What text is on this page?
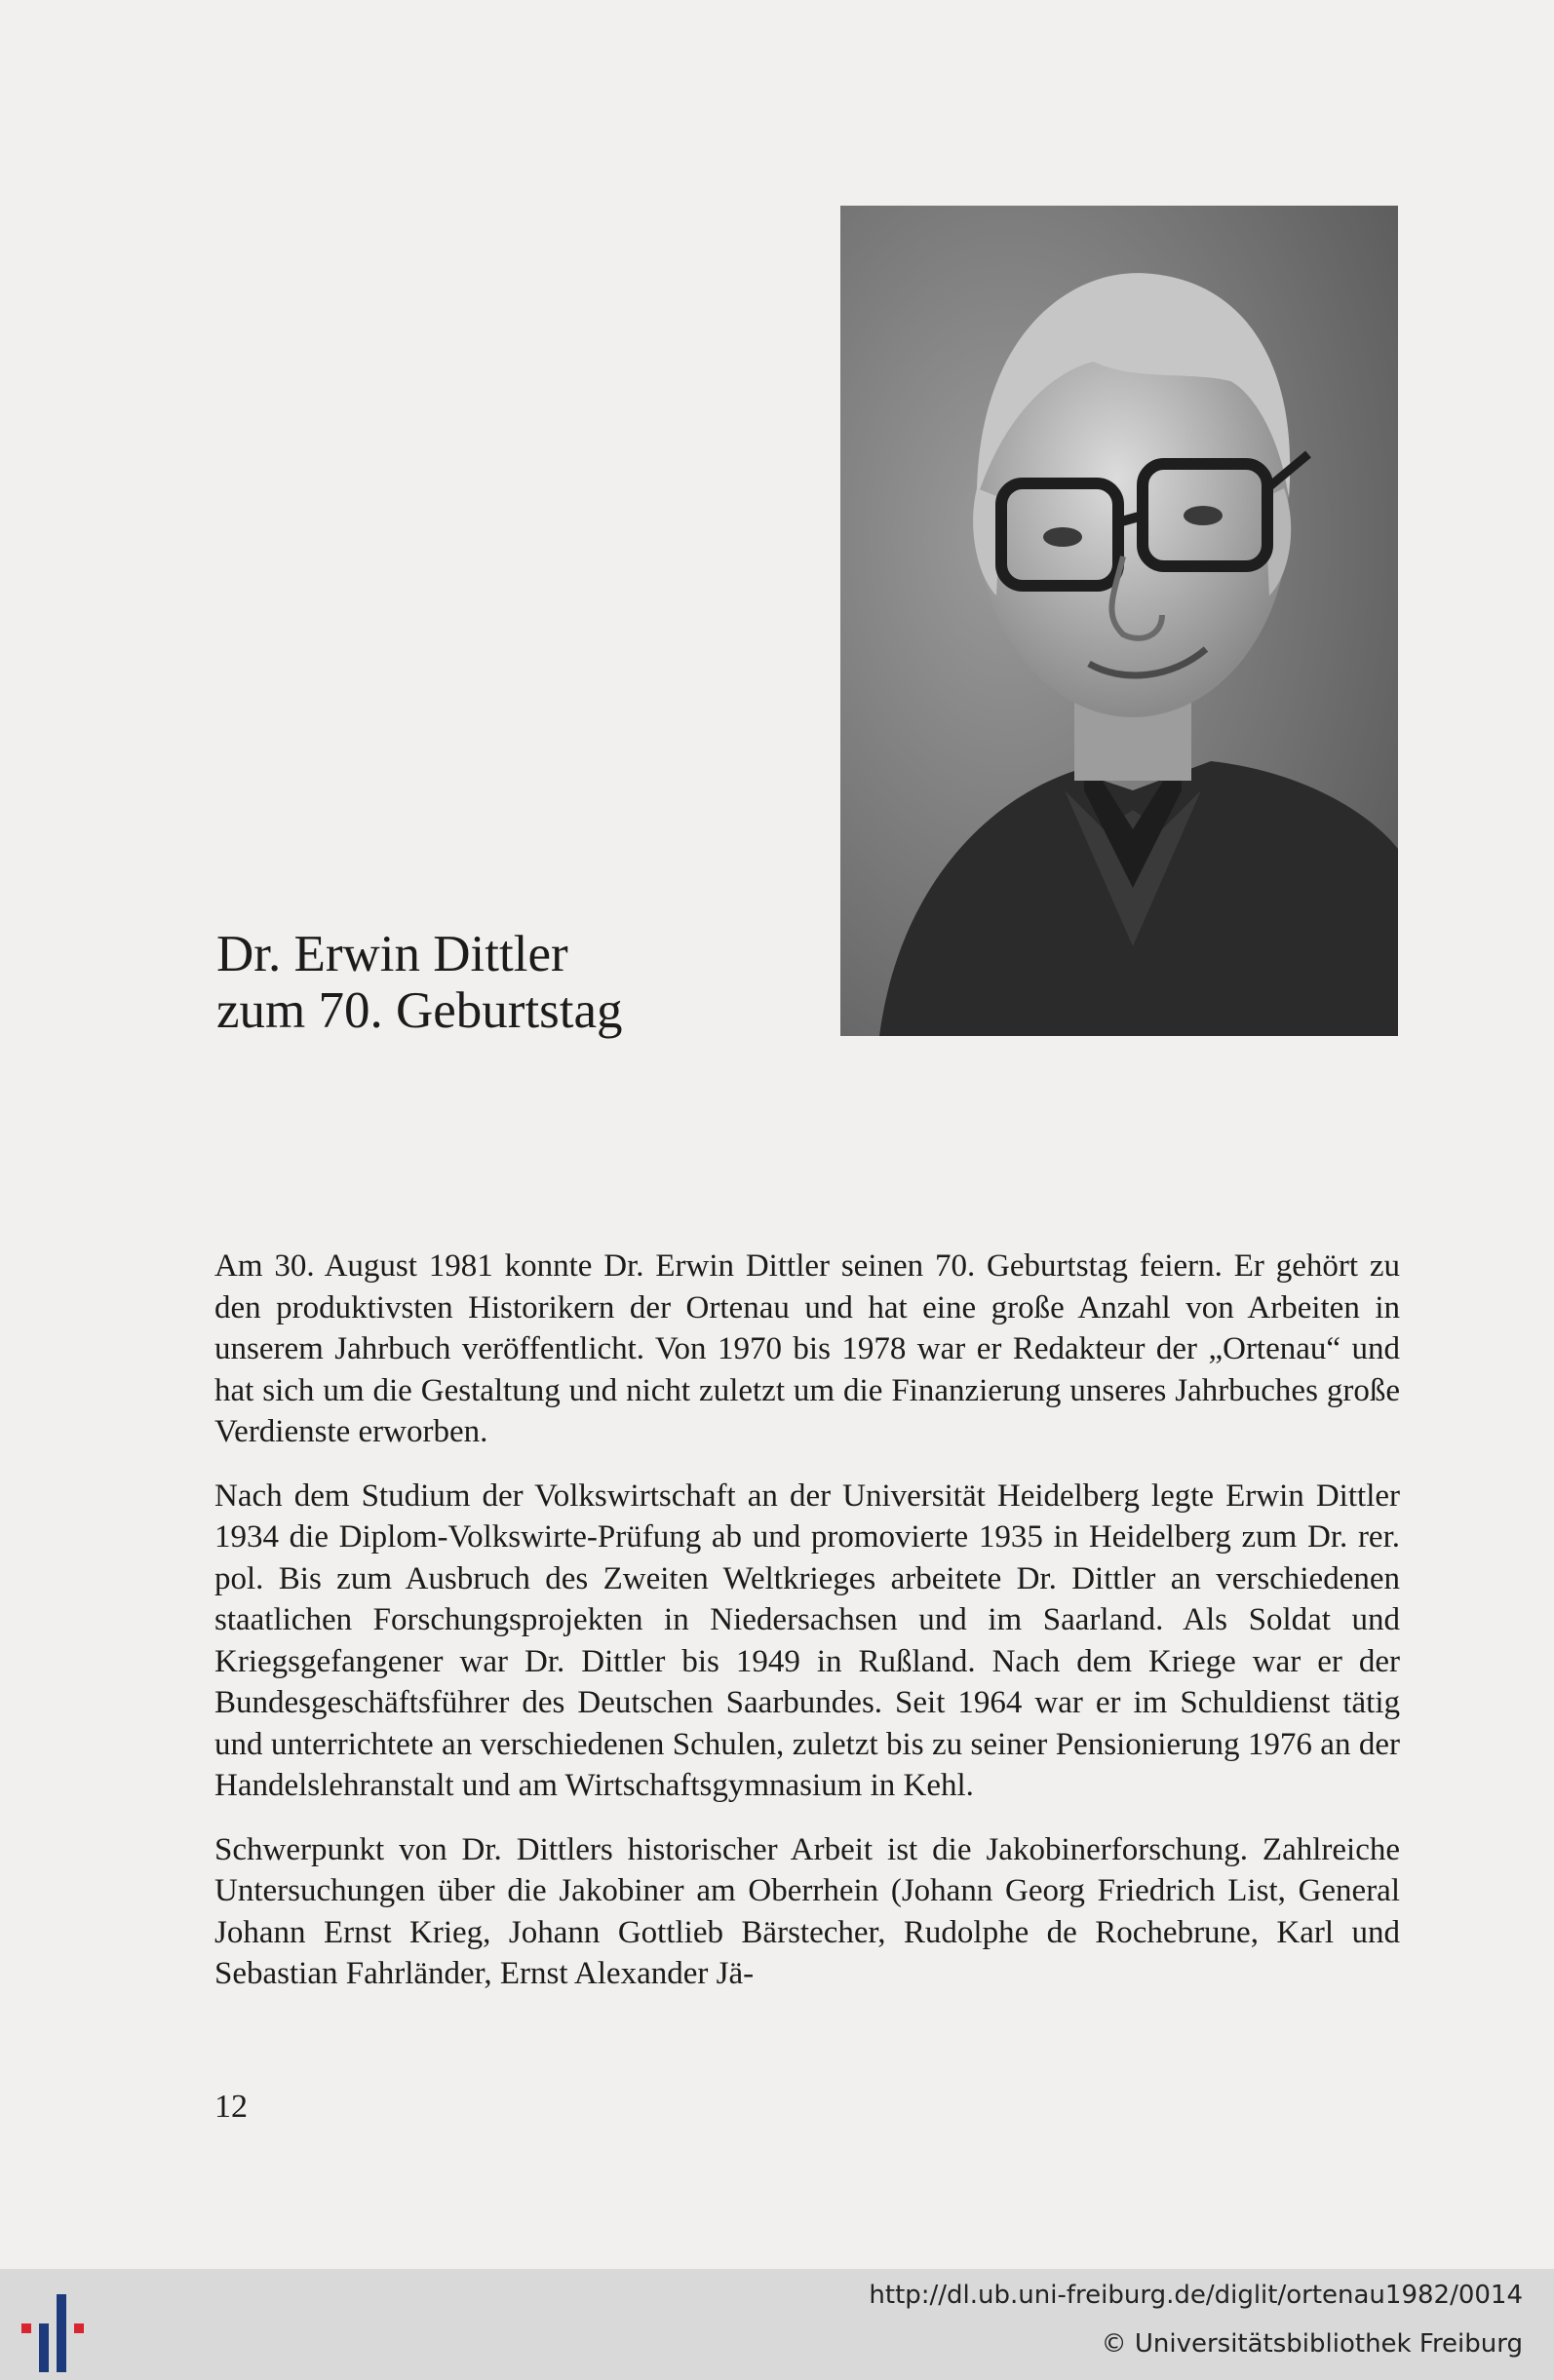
Dr. Erwin Dittler
zum 70. Geburtstag

Am 30. August 1981 konnte Dr. Erwin Dittler seinen 70. Geburtstag feiern. Er gehört zu den produktivsten Historikern der Ortenau und hat eine große Anzahl von Arbeiten in unserem Jahrbuch veröffentlicht. Von 1970 bis 1978 war er Redakteur der „Ortenau“ und hat sich um die Gestaltung und nicht zuletzt um die Finanzierung unseres Jahrbuches große Verdienste erworben.

Nach dem Studium der Volkswirtschaft an der Universität Heidelberg legte Erwin Dittler 1934 die Diplom-Volkswirte-Prüfung ab und promovierte 1935 in Heidelberg zum Dr. rer. pol. Bis zum Ausbruch des Zweiten Weltkrieges arbeitete Dr. Dittler an verschiedenen staatlichen Forschungsprojekten in Niedersachsen und im Saarland. Als Soldat und Kriegsgefangener war Dr. Dittler bis 1949 in Rußland. Nach dem Kriege war er der Bundesgeschäftsführer des Deutschen Saarbundes. Seit 1964 war er im Schuldienst tätig und unterrichtete an verschiedenen Schulen, zuletzt bis zu seiner Pensionierung 1976 an der Handelslehranstalt und am Wirtschaftsgymnasium in Kehl.

Schwerpunkt von Dr. Dittlers historischer Arbeit ist die Jakobinerforschung. Zahlreiche Untersuchungen über die Jakobiner am Oberrhein (Johann Georg Friedrich List, General Johann Ernst Krieg, Johann Gottlieb Bärstecher, Rudolphe de Rochebrune, Karl und Sebastian Fahrländer, Ernst Alexander Jä-

12
http://dl.ub.uni-freiburg.de/diglit/ortenau1982/0014
© Universitätsbibliothek Freiburg
